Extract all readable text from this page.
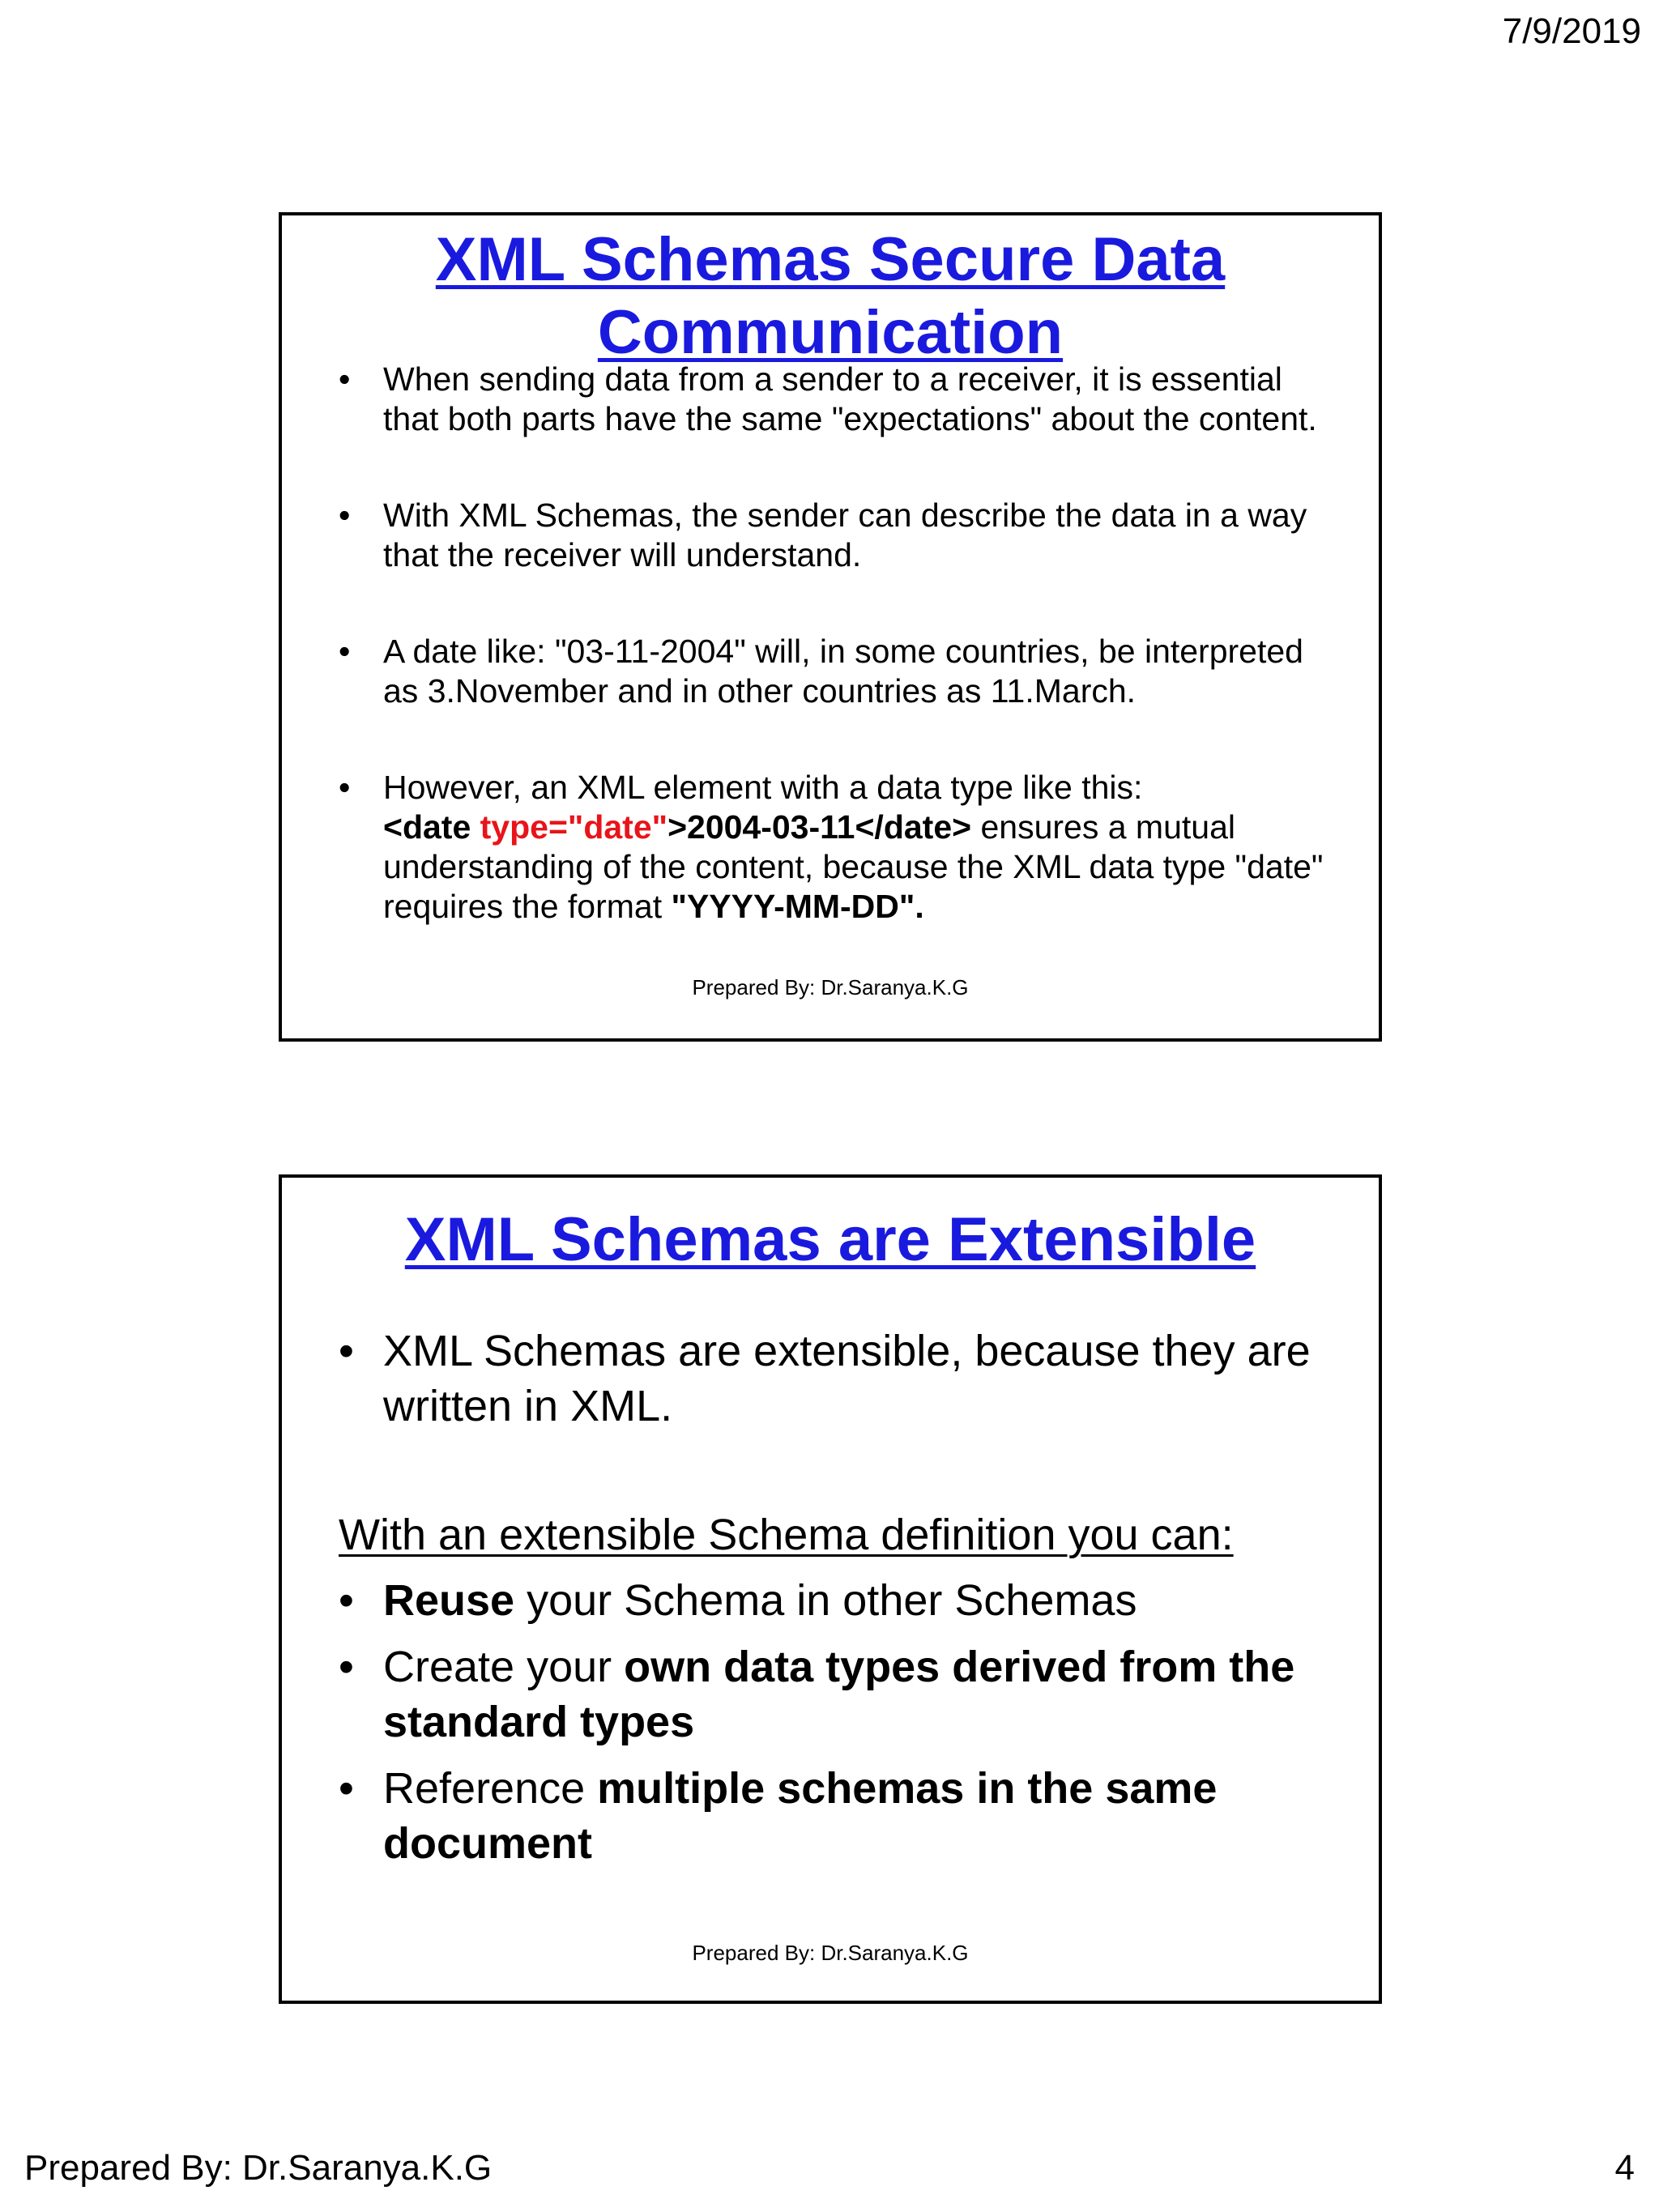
7/9/2019
XML Schemas Secure Data
Communication
• When sending data from a sender to a receiver, it is essential that both parts have the same "expectations" about the content.
• With XML Schemas, the sender can describe the data in a way that the receiver will understand.
• A date like: "03-11-2004" will, in some countries, be interpreted as 3.November and in other countries as 11.March.
• However, an XML element with a data type like this:
<date type="date">2004-03-11</date> ensures a mutual understanding of the content, because the XML data type "date" requires the format "YYYY-MM-DD".
Prepared By: Dr.Saranya.K.G
XML Schemas are Extensible
• XML Schemas are extensible, because they are written in XML.
With an extensible Schema definition you can:
• Reuse your Schema in other Schemas
• Create your own data types derived from the standard types
• Reference multiple schemas in the same document
Prepared By: Dr.Saranya.K.G
Prepared By: Dr.Saranya.K.G	4
